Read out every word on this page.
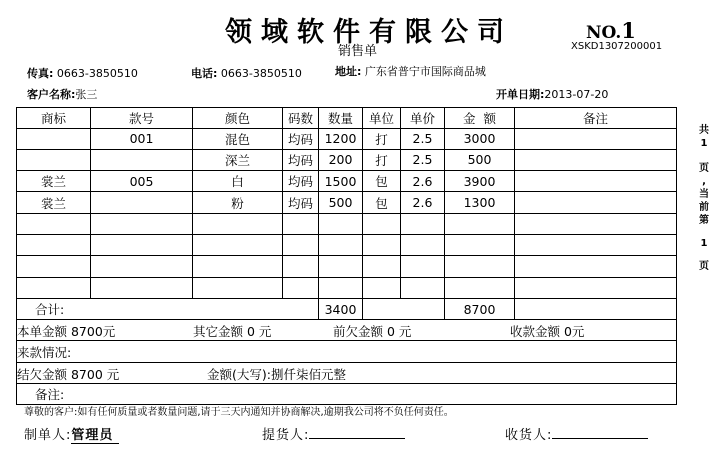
领域软件有限公司
销售单
NO.1
XSKD1307200001
传真: 0663-3850510	电话: 0663-3850510	地址: 广东省普宁市国际商品城
客户名称:张三	开单日期:2013-07-20
商标	款号	颜色	码数	数量	单位	单价	金  额	备注
	001	混色	均码	1200	打	2.5	3000	
		深兰	均码	200	打	2.5	500	
裳兰	005	白	均码	1500	包	2.6	3900	
裳兰		粉	均码	500	包	2.6	1300	

合计:				3400			8700	

本单金额 8700元 其它金额 0 元 前欠金额 0 元 收款金额 0元								

来款情况:								

结欠金额 8700 元 金额(大写):捌仟柒佰元整								

备注:								
共
1
页
,
当
前
第
1
页
尊敬的客户:如有任何质量或者数量问题,请于三天内通知并协商解决,逾期我公司将不负任何责任。
制单人:管理员	提货人:	收货人:
